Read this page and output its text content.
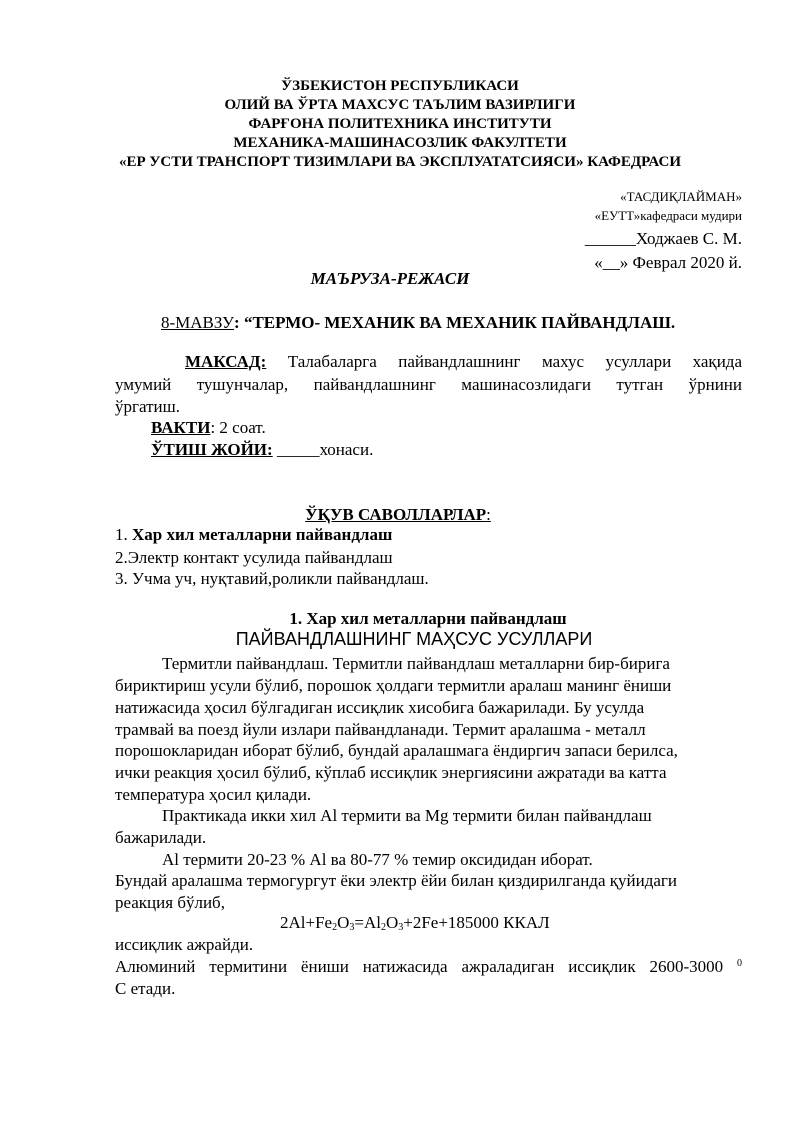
ЎЗБЕКИСТОН РЕСПУБЛИКАСИ
ОЛИЙ ВА ЎРТА МАХСУС ТАЪЛИМ ВАЗИРЛИГИ
ФАРҒОНА ПОЛИТЕХНИКА ИНСТИТУТИ
МЕХАНИКА-МАШИНАСОЗЛИК ФАКУЛТЕТИ
«ЕР УСТИ ТРАНСПОРТ ТИЗИМЛАРИ ВА ЭКСПЛУАТАТСИЯСИ» КАФЕДРАСИ
«ТАСДИҚЛАЙМАН»
«ЕУТТ»кафедраси мудири
______Ходжаев С. М.
«__» Феврал 2020 й.
МАЪРУЗА-РЕЖАСИ
8-МАВЗУ: “ТЕРМО- МЕХАНИК ВА МЕХАНИК ПАЙВАНДЛАШ.
МАКСАД: Талабаларга пайвандлашнинг махус усуллари хақида
умумий тушунчалар, пайвандлашнинг машинасозлидаги тутган ўрнини
ўргатиш.
ВАКТИ: 2 соат.
ЎТИШ ЖОЙИ: _____хонаси.
ЎҚУВ САВОЛЛАРЛАР:
1. Хар хил металларни пайвандлаш
2.Электр контакт усулида пайвандлаш
3. Учма уч, нуқтавий,роликли пайвандлаш.
1. Хар хил металларни пайвандлаш
ПАЙВАНДЛАШНИНГ МАҲСУС УСУЛЛАРИ
Термитли пайвандлаш. Термитли пайвандлаш металларни бир-бирига
бириктириш усули бўлиб, порошок ҳолдаги термитли аралаш манинг ёниши
натижасида ҳосил бўлгадиган иссиқлик хисобига бажарилади. Бу усулда
трамвай ва поезд йули излари пайвандланади. Термит аралашма - металл
порошокларидан иборат бўлиб, бундай аралашмага ёндиргич запаси берилса,
ички реакция ҳосил бўлиб, кўплаб иссиқлик энергиясини ажратади ва катта
температура ҳосил қилади.
Практикада икки хил Al термити ва Mg термити билан пайвандлаш
бажарилади.
Al термити 20-23 % Al ва 80-77 % темир оксидидан иборат.
Бундай аралашма термогургут ёки электр ёйи билан қиздирилганда қуйидаги
реакция бўлиб,
$2Al+Fe_2O_3=Al_2O_3+2Fe+185000$ ККАЛ
иссиқлик ажрайди.
Алюминий термитини ёниши натижасида ажраладиган иссиқлик 2600-3000 $^0$
С етади.
